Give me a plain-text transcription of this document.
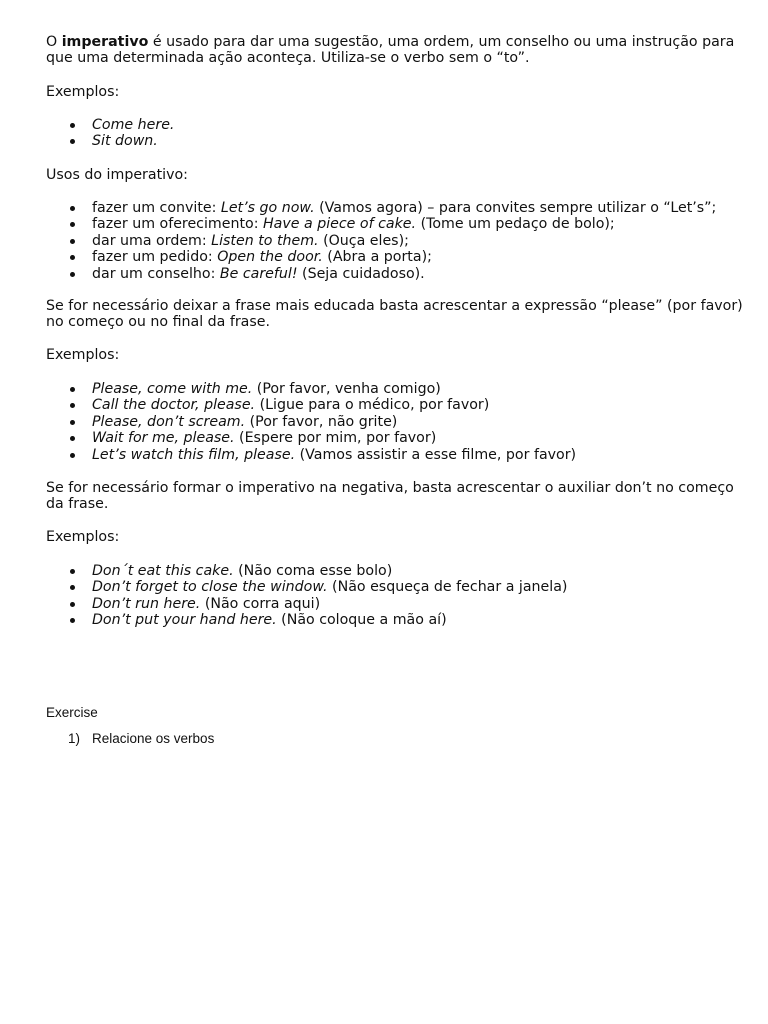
O imperativo é usado para dar uma sugestão, uma ordem, um conselho ou uma instrução para que uma determinada ação aconteça. Utiliza-se o verbo sem o “to”.

Exemplos:

Come here.
Sit down.

Usos do imperativo:

fazer um convite: Let’s go now. (Vamos agora) – para convites sempre utilizar o “Let’s”;
fazer um oferecimento: Have a piece of cake. (Tome um pedaço de bolo);
dar uma ordem: Listen to them. (Ouça eles);
fazer um pedido: Open the door. (Abra a porta);
dar um conselho: Be careful! (Seja cuidadoso).

Se for necessário deixar a frase mais educada basta acrescentar a expressão “please” (por favor) no começo ou no final da frase.

Exemplos:

Please, come with me. (Por favor, venha comigo)
Call the doctor, please. (Ligue para o médico, por favor)
Please, don’t scream. (Por favor, não grite)
Wait for me, please. (Espere por mim, por favor)
Let’s watch this film, please. (Vamos assistir a esse filme, por favor)

Se for necessário formar o imperativo na negativa, basta acrescentar o auxiliar don’t no começo da frase.

Exemplos:

Don´t eat this cake. (Não coma esse bolo)
Don’t forget to close the window. (Não esqueça de fechar a janela)
Don’t run here. (Não corra aqui)
Don’t put your hand here. (Não coloque a mão aí)

Exercise

1) Relacione os verbos
